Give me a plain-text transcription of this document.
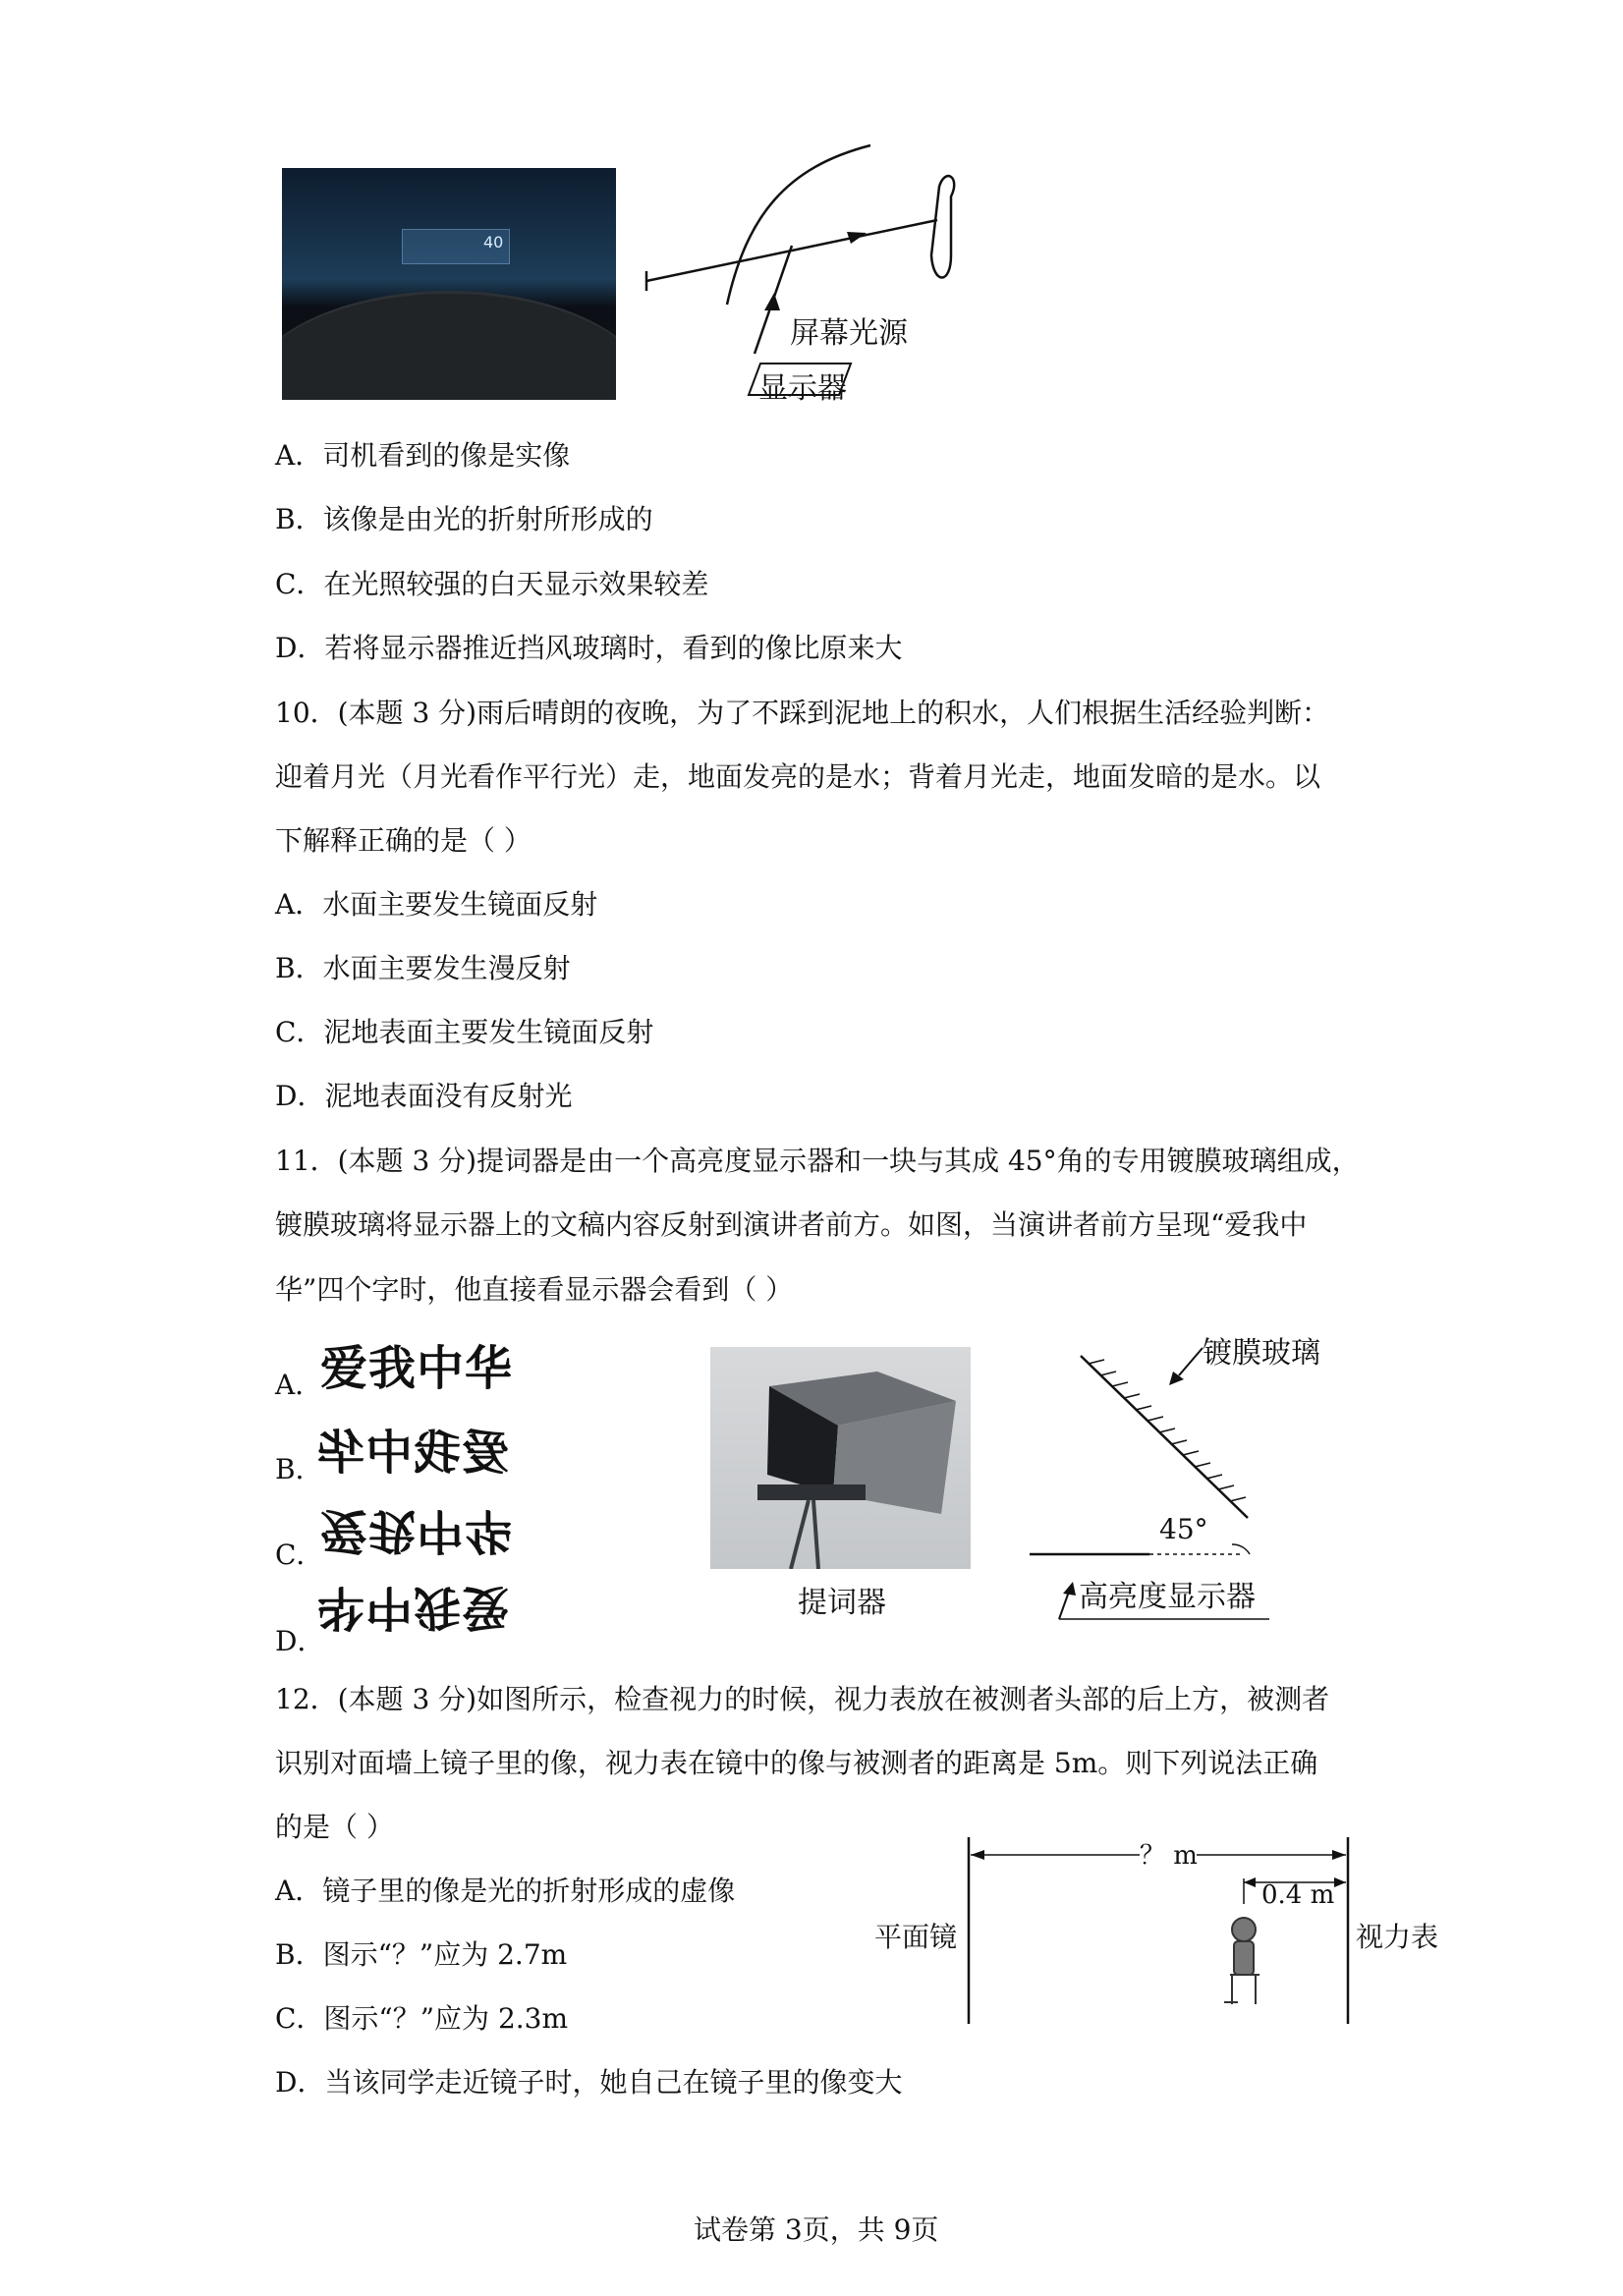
40
屏幕光源
显示器
A．司机看到的像是实像
B．该像是由光的折射所形成的
C．在光照较强的白天显示效果较差
D．若将显示器推近挡风玻璃时，看到的像比原来大
10．(本题 3 分)雨后晴朗的夜晚，为了不踩到泥地上的积水，人们根据生活经验判断：
迎着月光（月光看作平行光）走，地面发亮的是水；背着月光走，地面发暗的是水。以
下解释正确的是（ ）
A．水面主要发生镜面反射
B．水面主要发生漫反射
C．泥地表面主要发生镜面反射
D．泥地表面没有反射光
11．(本题 3 分)提词器是由一个高亮度显示器和一块与其成 45°角的专用镀膜玻璃组成，
镀膜玻璃将显示器上的文稿内容反射到演讲者前方。如图，当演讲者前方呈现“爱我中
华”四个字时，他直接看显示器会看到（ ）
A．
爱我中华
B．
爱我中华
C．
爱我中华
D．
爱我中华	提词器
镀膜玻璃
45°
高亮度显示器
12．(本题 3 分)如图所示，检查视力的时候，视力表放在被测者头部的后上方，被测者
识别对面墙上镜子里的像，视力表在镜中的像与被测者的距离是 5m。则下列说法正确
的是（ ）
A．镜子里的像是光的折射形成的虚像
B．图示“？”应为 2.7m
C．图示“？”应为 2.3m
D．当该同学走近镜子时，她自己在镜子里的像变大
？ m
0.4 m
平面镜	视力表
试卷第 3页，共 9页
